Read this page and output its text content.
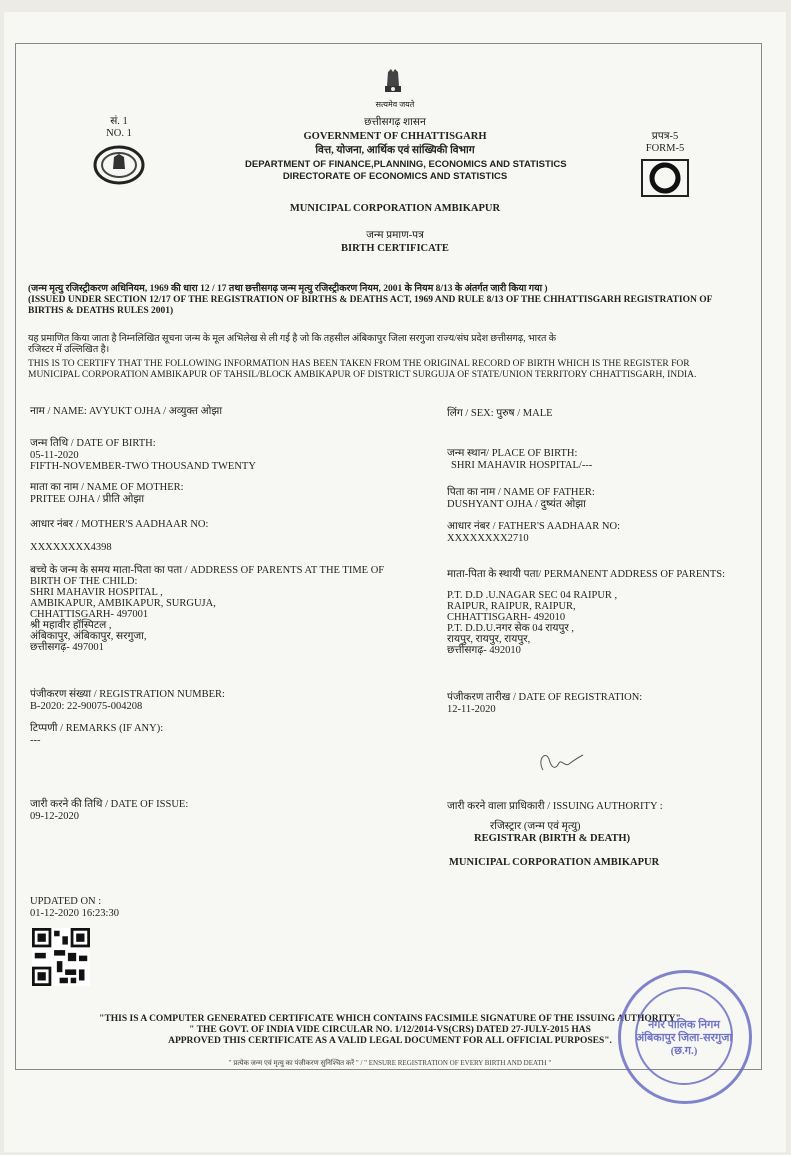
सत्यमेव जयते
सं. 1
NO. 1
छत्तीसगढ़ शासन
GOVERNMENT OF CHHATTISGARH
वित्त, योजना, आर्थिक एवं सांख्यिकी विभाग
DEPARTMENT OF FINANCE,PLANNING, ECONOMICS AND STATISTICS
DIRECTORATE OF ECONOMICS AND STATISTICS
प्रपत्र-5
FORM-5
MUNICIPAL CORPORATION AMBIKAPUR
जन्म प्रमाण-पत्र
BIRTH CERTIFICATE
(जन्म मृत्यु रजिस्ट्रीकरण अधिनियम, 1969 की धारा 12 / 17 तथा छत्तीसगढ़ जन्म मृत्यु रजिस्ट्रीकरण नियम, 2001 के नियम 8/13 के अंतर्गत जारी किया गया )
(ISSUED UNDER SECTION 12/17 OF THE REGISTRATION OF BIRTHS & DEATHS ACT, 1969 AND RULE 8/13 OF THE CHHATTISGARH REGISTRATION OF
BIRTHS & DEATHS RULES 2001)
यह प्रमाणित किया जाता है निम्नलिखित सूचना जन्म के मूल अभिलेख से ली गई है जो कि तहसील अंबिकापुर जिला सरगुजा राज्य/संघ प्रदेश छत्तीसगढ़, भारत के
रजिस्टर में उल्लिखित है।
THIS IS TO CERTIFY THAT THE FOLLOWING INFORMATION HAS BEEN TAKEN FROM THE ORIGINAL RECORD OF BIRTH WHICH IS THE REGISTER FOR
MUNICIPAL CORPORATION AMBIKAPUR OF TAHSIL/BLOCK AMBIKAPUR OF DISTRICT SURGUJA OF STATE/UNION TERRITORY CHHATTISGARH, INDIA.
नाम / NAME: AVYUKT OJHA / अव्युक्त ओझा
जन्म तिथि / DATE OF BIRTH:
05-11-2020
FIFTH-NOVEMBER-TWO THOUSAND TWENTY
माता का नाम / NAME OF MOTHER:
PRITEE OJHA / प्रीति ओझा
आधार नंबर / MOTHER'S AADHAAR NO:
XXXXXXXX4398
बच्चे के जन्म के समय माता-पिता का पता / ADDRESS OF PARENTS AT THE TIME OF
BIRTH OF THE CHILD:
SHRI MAHAVIR HOSPITAL ,
AMBIKAPUR, AMBIKAPUR, SURGUJA,
CHHATTISGARH- 497001
श्री महावीर हॉस्पिटल ,
अंबिकापुर, अंबिकापुर, सरगुजा,
छत्तीसगढ़- 497001
पंजीकरण संख्या / REGISTRATION NUMBER:
B-2020: 22-90075-004208
टिप्पणी / REMARKS (IF ANY):
---
जारी करने की तिथि / DATE OF ISSUE:
09-12-2020
UPDATED ON :
01-12-2020 16:23:30
लिंग / SEX: पुरुष / MALE
जन्म स्थान/ PLACE OF BIRTH:
SHRI MAHAVIR HOSPITAL/---
पिता का नाम / NAME OF FATHER:
DUSHYANT OJHA / दुष्यंत ओझा
आधार नंबर / FATHER'S AADHAAR NO:
XXXXXXXX2710
माता-पिता के स्थायी पता/ PERMANENT ADDRESS OF PARENTS:
P.T. D.D .U.NAGAR SEC 04 RAIPUR ,
RAIPUR, RAIPUR, RAIPUR,
CHHATTISGARH- 492010
P.T. D.D.U.नगर सेक 04 रायपुर ,
रायपुर, रायपुर, रायपुर,
छत्तीसगढ़- 492010
पंजीकरण तारीख / DATE OF REGISTRATION:
12-11-2020
जारी करने वाला प्राधिकारी / ISSUING AUTHORITY :
रजिस्ट्रार (जन्म एवं मृत्यु)
REGISTRAR (BIRTH & DEATH)
MUNICIPAL CORPORATION AMBIKAPUR
"THIS IS A COMPUTER GENERATED CERTIFICATE WHICH CONTAINS FACSIMILE SIGNATURE OF THE ISSUING AUTHORITY"
" THE GOVT. OF INDIA VIDE CIRCULAR NO. 1/12/2014-VS(CRS) DATED 27-JULY-2015 HAS
APPROVED THIS CERTIFICATE AS A VALID LEGAL DOCUMENT FOR ALL OFFICIAL PURPOSES".
" प्रत्येक जन्म एवं मृत्यु का पंजीकरण सुनिश्चित करें " / " ENSURE REGISTRATION OF EVERY BIRTH AND DEATH "
नगर पालिक निगम अंबिकापुर जिला-सरगुजा (छ.ग.)
